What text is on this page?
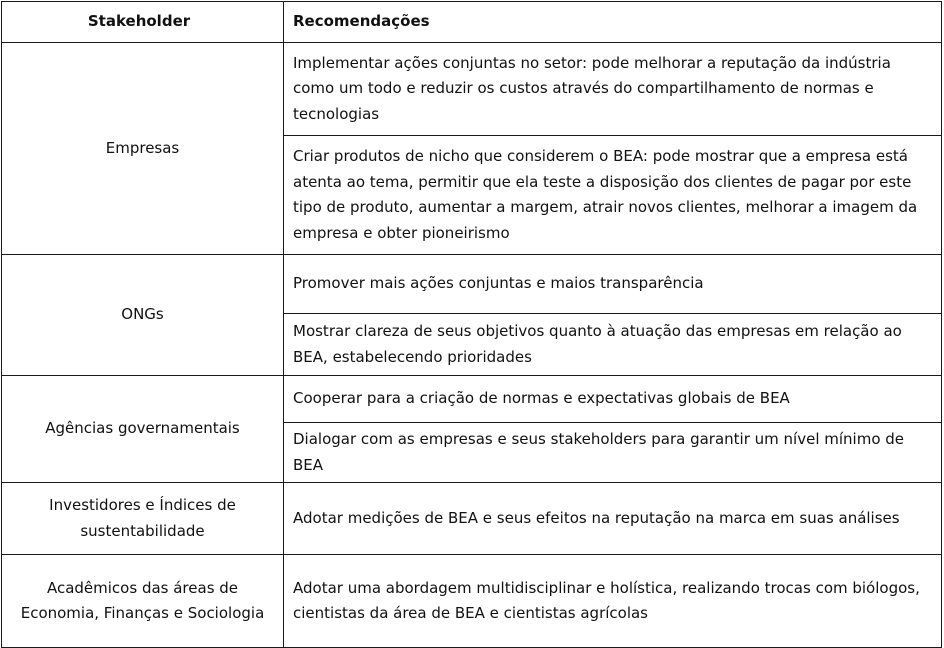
Stakeholder	Recomendações
Empresas	Implementar ações conjuntas no setor: pode melhorar a reputação da indústria como um todo e reduzir os custos através do compartilhamento de normas e tecnologias
	Criar produtos de nicho que considerem o BEA: pode mostrar que a empresa está atenta ao tema, permitir que ela teste a disposição dos clientes de pagar por este tipo de produto, aumentar a margem, atrair novos clientes, melhorar a imagem da empresa e obter pioneirismo
ONGs	Promover mais ações conjuntas e maios transparência
	Mostrar clareza de seus objetivos quanto à atuação das empresas em relação ao BEA, estabelecendo prioridades
Agências governamentais	Cooperar para a criação de normas e expectativas globais de BEA
	Dialogar com as empresas e seus stakeholders para garantir um nível mínimo de BEA
Investidores e Índices de sustentabilidade	Adotar medições de BEA e seus efeitos na reputação na marca em suas análises
Acadêmicos das áreas de Economia, Finanças e Sociologia	Adotar uma abordagem multidisciplinar e holística, realizando trocas com biólogos, cientistas da área de BEA e cientistas agrícolas
